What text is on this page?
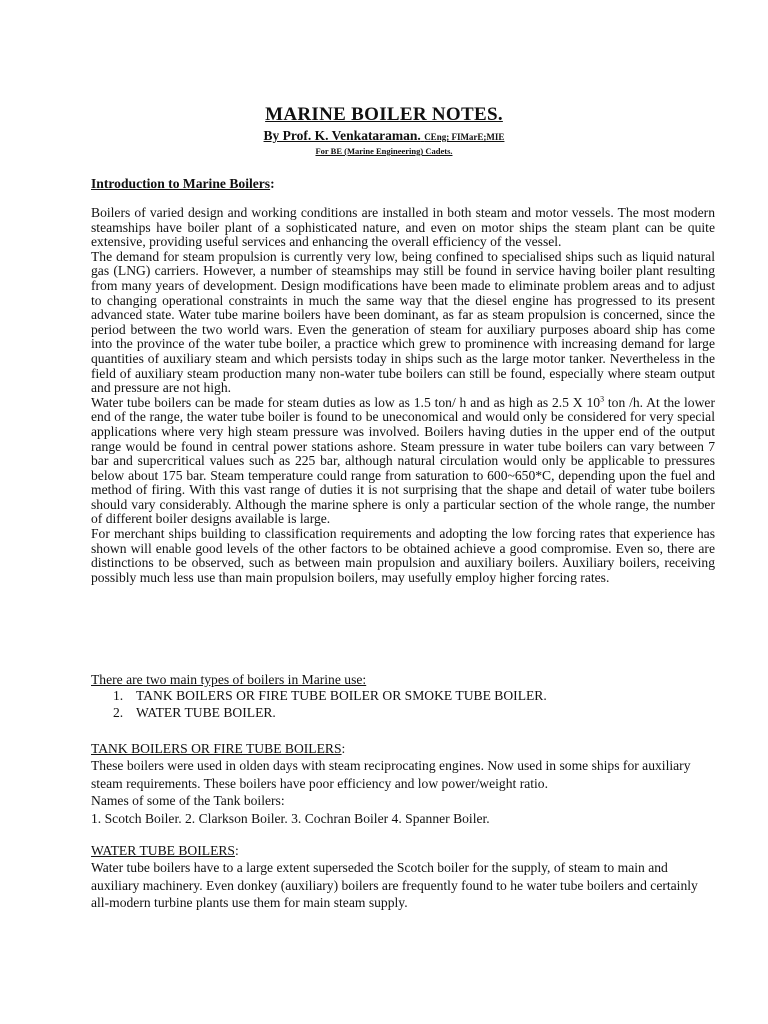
MARINE BOILER NOTES.
By Prof. K. Venkataraman. CEng; FIMarE;MIE
For BE (Marine Engineering) Cadets.
Introduction to Marine Boilers:

Boilers of varied design and working conditions are installed in both steam and motor vessels. The most modern steamships have boiler plant of a sophisticated nature, and even on motor ships the steam plant can be quite extensive, providing useful services and enhancing the overall efficiency of the vessel.

The demand for steam propulsion is currently very low, being confined to specialised ships such as liquid natural gas (LNG) carriers. However, a number of steamships may still be found in service having boiler plant resulting from many years of development. Design modifications have been made to eliminate problem areas and to adjust to changing operational constraints in much the same way that the diesel engine has progressed to its present advanced state. Water tube marine boilers have been dominant, as far as steam propulsion is concerned, since the period between the two world wars. Even the generation of steam for auxiliary purposes aboard ship has come into the province of the water tube boiler, a practice which grew to prominence with increasing demand for large quantities of auxiliary steam and which persists today in ships such as the large motor tanker. Nevertheless in the field of auxiliary steam production many non-water tube boilers can still be found, especially where steam output and pressure are not high.

Water tube boilers can be made for steam duties as low as 1.5 ton/ h and as high as 2.5 X $10^3$ ton /h. At the lower end of the range, the water tube boiler is found to be uneconomical and would only be considered for very special applications where very high steam pressure was involved. Boilers having duties in the upper end of the output range would be found in central power stations ashore. Steam pressure in water tube boilers can vary between 7 bar and supercritical values such as 225 bar, although natural circulation would only be applicable to pressures below about 175 bar. Steam temperature could range from saturation to 600~650*C, depending upon the fuel and method of firing. With this vast range of duties it is not surprising that the shape and detail of water tube boilers should vary considerably. Although the marine sphere is only a particular section of the whole range, the number of different boiler designs available is large.

For merchant ships building to classification requirements and adopting the low forcing rates that experience has shown will enable good levels of the other factors to be obtained achieve a good compromise. Even so, there are distinctions to be observed, such as between main propulsion and auxiliary boilers. Auxiliary boilers, receiving possibly much less use than main propulsion boilers, may usefully employ higher forcing rates.

There are two main types of boilers in Marine use:
1. TANK BOILERS OR FIRE TUBE BOILER OR SMOKE TUBE BOILER.
2. WATER TUBE BOILER.
TANK BOILERS OR FIRE TUBE BOILERS:

These boilers were used in olden days with steam reciprocating engines. Now used in some ships for auxiliary steam requirements. These boilers have poor efficiency and low power/weight ratio.

Names of some of the Tank boilers:

1. Scotch Boiler. 2. Clarkson Boiler. 3. Cochran Boiler 4. Spanner Boiler.

WATER TUBE BOILERS:

Water tube boilers have to a large extent superseded the Scotch boiler for the supply, of steam to main and auxiliary machinery. Even donkey (auxiliary) boilers are frequently found to he water tube boilers and certainly all-modern turbine plants use them for main steam supply.
